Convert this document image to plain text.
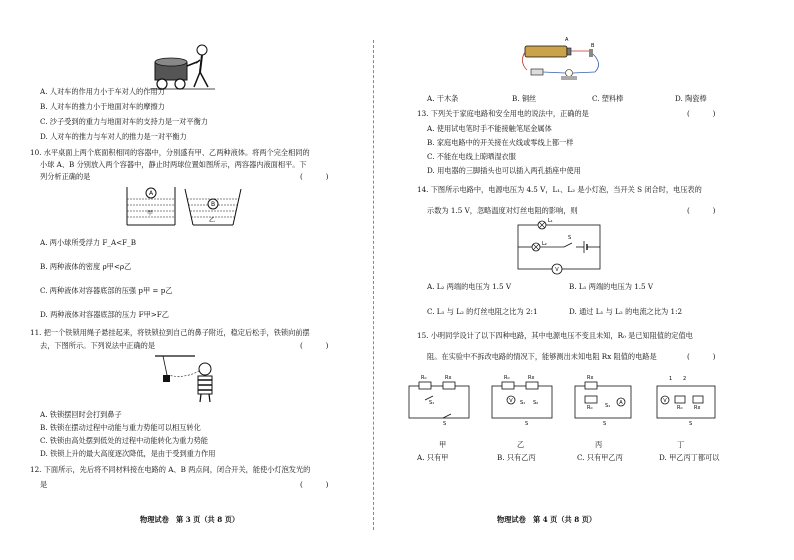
A. 人对车的作用力小于车对人的作用力
B. 人对车的推力小于地面对车的摩擦力
C. 沙子受到的重力与地面对车的支持力是一对平衡力
D. 人对车的推力与车对人的推力是一对平衡力
10. 水平桌面上两个底面积相同的容器中，分别盛有甲、乙两种液体。将两个完全相同的
小球 A、B 分别放入两个容器中，静止时两球位置如图所示，两容器内液面相平。下
列分析正确的是	(          )
A
甲
B
乙
A. 两小球所受浮力 F_A<F_B
B. 两种液体的密度 ρ甲<ρ乙
C. 两种液体对容器底部的压强 p甲 = p乙
D. 两种液体对容器底部的压力 F甲>F乙
11. 把一个铁锁用绳子悬挂起来，将铁锁拉到自己的鼻子附近，稳定后松手，铁锁向前摆
去，下图所示。下列说法中正确的是	(          )
A. 铁锁摆回时会打到鼻子
B. 铁锁在摆动过程中动能与重力势能可以相互转化
C. 铁锁由高处摆到低处的过程中动能转化为重力势能
D. 铁锁上升的最大高度逐次降低，是由于受到重力作用
12. 下面所示，先后将不同材料接在电路的 A、B 两点间，闭合开关，能使小灯泡发光的
是	(          )
物理试卷　第 3 页（共 8 页）
A
B
A. 干木条	B. 铜丝	C. 塑料棒	D. 陶瓷棒
13. 下列关于家庭电路和安全用电的说法中，正确的是	(          )
A. 使用试电笔时手不能接触笔尾金属体
B. 家庭电路中的开关接在火线或零线上都一样
C. 不能在电线上晾晒湿衣服
D. 用电器的三脚插头也可以插入两孔插座中使用
14. 下图所示电路中，电源电压为 4.5 V，L₁、L₂ 是小灯泡，当开关 S 闭合时，电压表的
示数为 1.5 V，忽略温度对灯丝电阻的影响，则	(          )
L₁
L₂
S
V
A. L₂ 两端的电压为 1.5 V	B. L₁ 两端的电压为 1.5 V
C. L₁ 与 L₂ 的灯丝电阻之比为 2:1	D. 通过 L₁ 与 L₂ 的电流之比为 1:2
15. 小明同学设计了以下四种电路，其中电源电压不变且未知，R₀ 是已知阻值的定值电
阻。在实验中不拆改电路的情况下，能够测出未知电阻 Rx 阻值的电路是	(          )
R₀	Rx
S₁
S
R₀	Rx
V S₁ S₂
S
Rx
R₀
A
S₁
S
1 2
V
R₀ Rx
S
甲	乙	丙	丁
A. 只有甲	B. 只有乙丙	C. 只有甲乙丙	D. 甲乙丙丁都可以
物理试卷　第 4 页（共 8 页）
